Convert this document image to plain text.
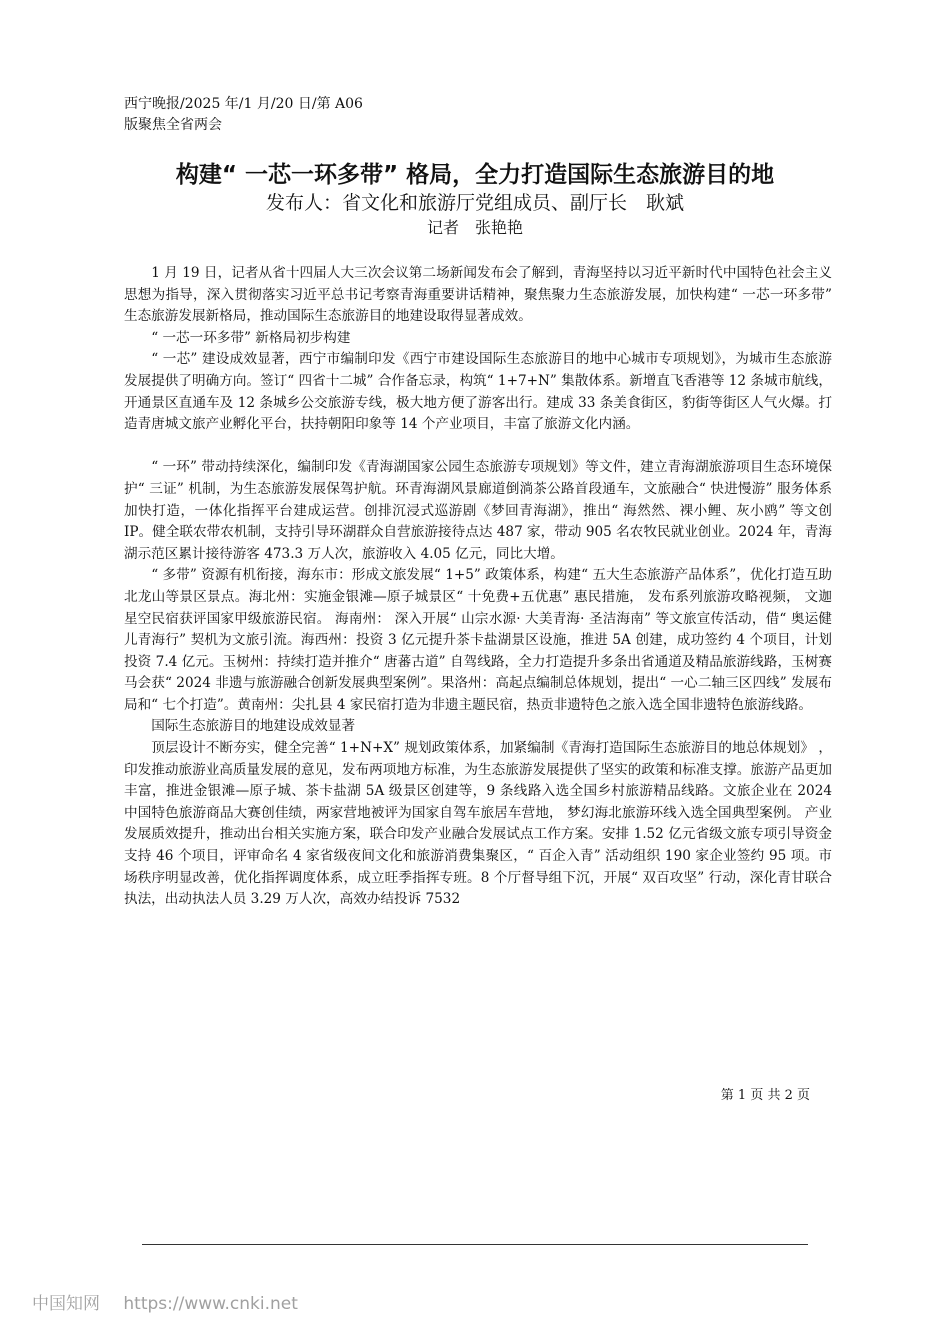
西宁晚报/2025 年/1 月/20 日/第 A06
版聚焦全省两会
构建“ 一芯一环多带” 格局，全力打造国际生态旅游目的地
发布人：省文化和旅游厅党组成员、副厅长　耿斌
记者　张艳艳

1 月 19 日，记者从省十四届人大三次会议第二场新闻发布会了解到，青海坚持以习近平新时代中国特色社会主义思想为指导，深入贯彻落实习近平总书记考察青海重要讲话精神，聚焦聚力生态旅游发展，加快构建“ 一芯一环多带” 生态旅游发展新格局，推动国际生态旅游目的地建设取得显著成效。

“ 一芯一环多带” 新格局初步构建

“ 一芯” 建设成效显著，西宁市编制印发《西宁市建设国际生态旅游目的地中心城市专项规划》，为城市生态旅游发展提供了明确方向。签订“ 四省十二城” 合作备忘录，构筑“ 1+7+N” 集散体系。新增直飞香港等 12 条城市航线，开通景区直通车及 12 条城乡公交旅游专线，极大地方便了游客出行。建成 33 条美食街区，豹街等街区人气火爆。打造青唐城文旅产业孵化平台，扶持朝阳印象等 14 个产业项目，丰富了旅游文化内涵。

“ 一环” 带动持续深化，编制印发《青海湖国家公园生态旅游专项规划》等文件，建立青海湖旅游项目生态环境保护“ 三证” 机制，为生态旅游发展保驾护航。环青海湖风景廊道倒淌茶公路首段通车，文旅融合“ 快进慢游” 服务体系加快打造，一体化指挥平台建成运营。创排沉浸式巡游剧《梦回青海湖》，推出“ 海然然、裸小鲤、灰小鸥” 等文创 IP。健全联农带农机制，支持引导环湖群众自营旅游接待点达 487 家，带动 905 名农牧民就业创业。2024 年，青海湖示范区累计接待游客 473.3 万人次，旅游收入 4.05 亿元，同比大增。

“ 多带” 资源有机衔接，海东市：形成文旅发展“ 1+5” 政策体系，构建“ 五大生态旅游产品体系”，优化打造互助北龙山等景区景点。海北州：实施金银滩—原子城景区“ 十免费+五优惠” 惠民措施， 发布系列旅游攻略视频， 文迦星空民宿获评国家甲级旅游民宿。 海南州： 深入开展“ 山宗水源· 大美青海· 圣洁海南” 等文旅宣传活动，借“ 奥运健儿青海行” 契机为文旅引流。海西州：投资 3 亿元提升茶卡盐湖景区设施，推进 5A 创建，成功签约 4 个项目，计划投资 7.4 亿元。玉树州：持续打造并推介“ 唐蕃古道” 自驾线路，全力打造提升多条出省通道及精品旅游线路，玉树赛马会获“ 2024 非遗与旅游融合创新发展典型案例”。果洛州：高起点编制总体规划，提出“ 一心二轴三区四线” 发展布局和“ 七个打造”。黄南州：尖扎县 4 家民宿打造为非遗主题民宿，热贡非遗特色之旅入选全国非遗特色旅游线路。

国际生态旅游目的地建设成效显著

顶层设计不断夯实，健全完善“ 1+N+X” 规划政策体系，加紧编制《青海打造国际生态旅游目的地总体规划》 ，印发推动旅游业高质量发展的意见，发布两项地方标准，为生态旅游发展提供了坚实的政策和标准支撑。旅游产品更加丰富，推进金银滩—原子城、茶卡盐湖 5A 级景区创建等，9 条线路入选全国乡村旅游精品线路。文旅企业在 2024 中国特色旅游商品大赛创佳绩，两家营地被评为国家自驾车旅居车营地， 梦幻海北旅游环线入选全国典型案例。 产业发展质效提升，推动出台相关实施方案，联合印发产业融合发展试点工作方案。安排 1.52 亿元省级文旅专项引导资金支持 46 个项目，评审命名 4 家省级夜间文化和旅游消费集聚区，“ 百企入青” 活动组织 190 家企业签约 95 项。市场秩序明显改善，优化指挥调度体系，成立旺季指挥专班。8 个厅督导组下沉，开展“ 双百攻坚” 行动，深化青甘联合执法，出动执法人员 3.29 万人次，高效办结投诉 7532

第 1 页 共 2 页
中国知网 https://www.cnki.net
